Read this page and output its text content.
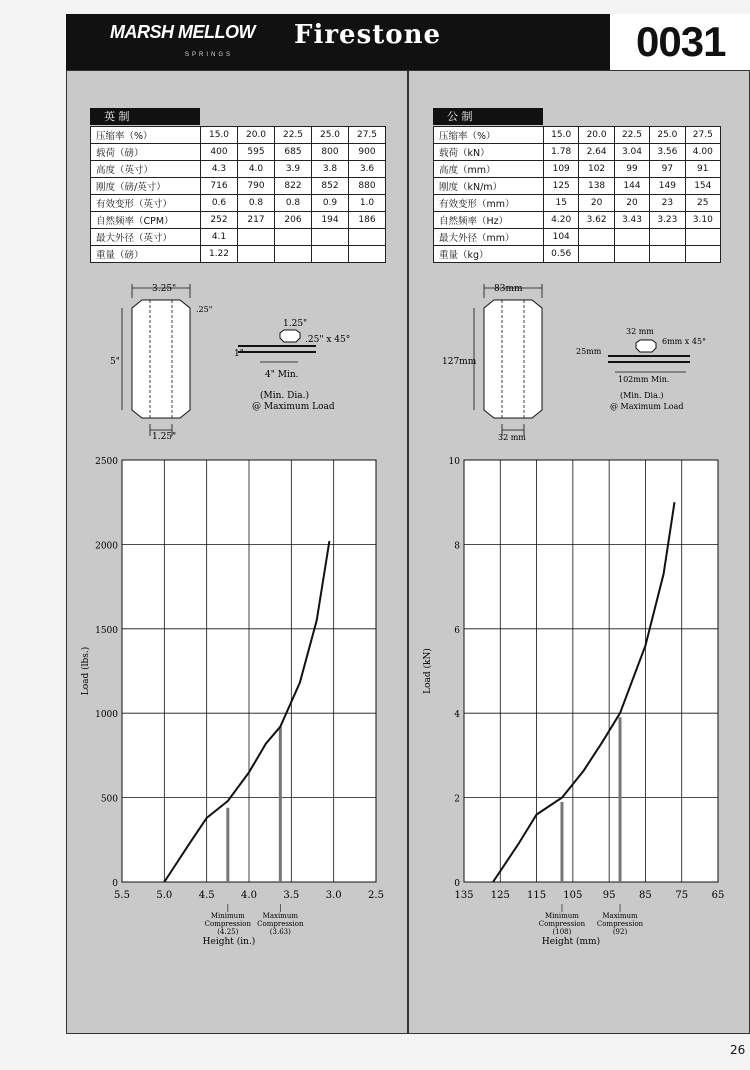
MARSH MELLOW
SPRINGS
Firestone	0031
英 制	公 制
压缩率（%）	15.0	20.0	22.5	25.0	27.5
载荷（磅）	400	595	685	800	900
高度（英寸）	4.3	4.0	3.9	3.8	3.6
刚度（磅/英寸）	716	790	822	852	880
有效变形（英寸）	0.6	0.8	0.8	0.9	1.0
自然频率（CPM）	252	217	206	194	186
最大外径（英寸）	4.1				
重量（磅）	1.22				
压缩率（%）	15.0	20.0	22.5	25.0	27.5
载荷（kN）	1.78	2.64	3.04	3.56	4.00
高度（mm）	109	102	99	97	91
刚度（kN/m）	125	138	144	149	154
有效变形（mm）	15	20	20	23	25
自然频率（Hz）	4.20	3.62	3.43	3.23	3.10
最大外径（mm）	104				
重量（kg）	0.56				
3.25"
.25"
5"
1.25"
1.25"
.25" x 45°
1"
4" Min.
(Min. Dia.)
@ Maximum Load
83mm
127mm
32 mm
32 mm
6mm x 45°
25mm
102mm Min.
(Min. Dia.)
@ Maximum Load
5.5	5.0	4.5	4.0	3.5	3.0	2.5
0
500
1000
1500
2000
2500
Minimum
Compression
(4.25)
Maximum
Compression
(3.63)
Height (in.)
Load (lbs.)
135 125 115 105 95 85 75 65
0
2
4
6
8
10
Minimum
Compression
(108)
Maximum
Compression
(92)
Height (mm)
Load (kN)
26
